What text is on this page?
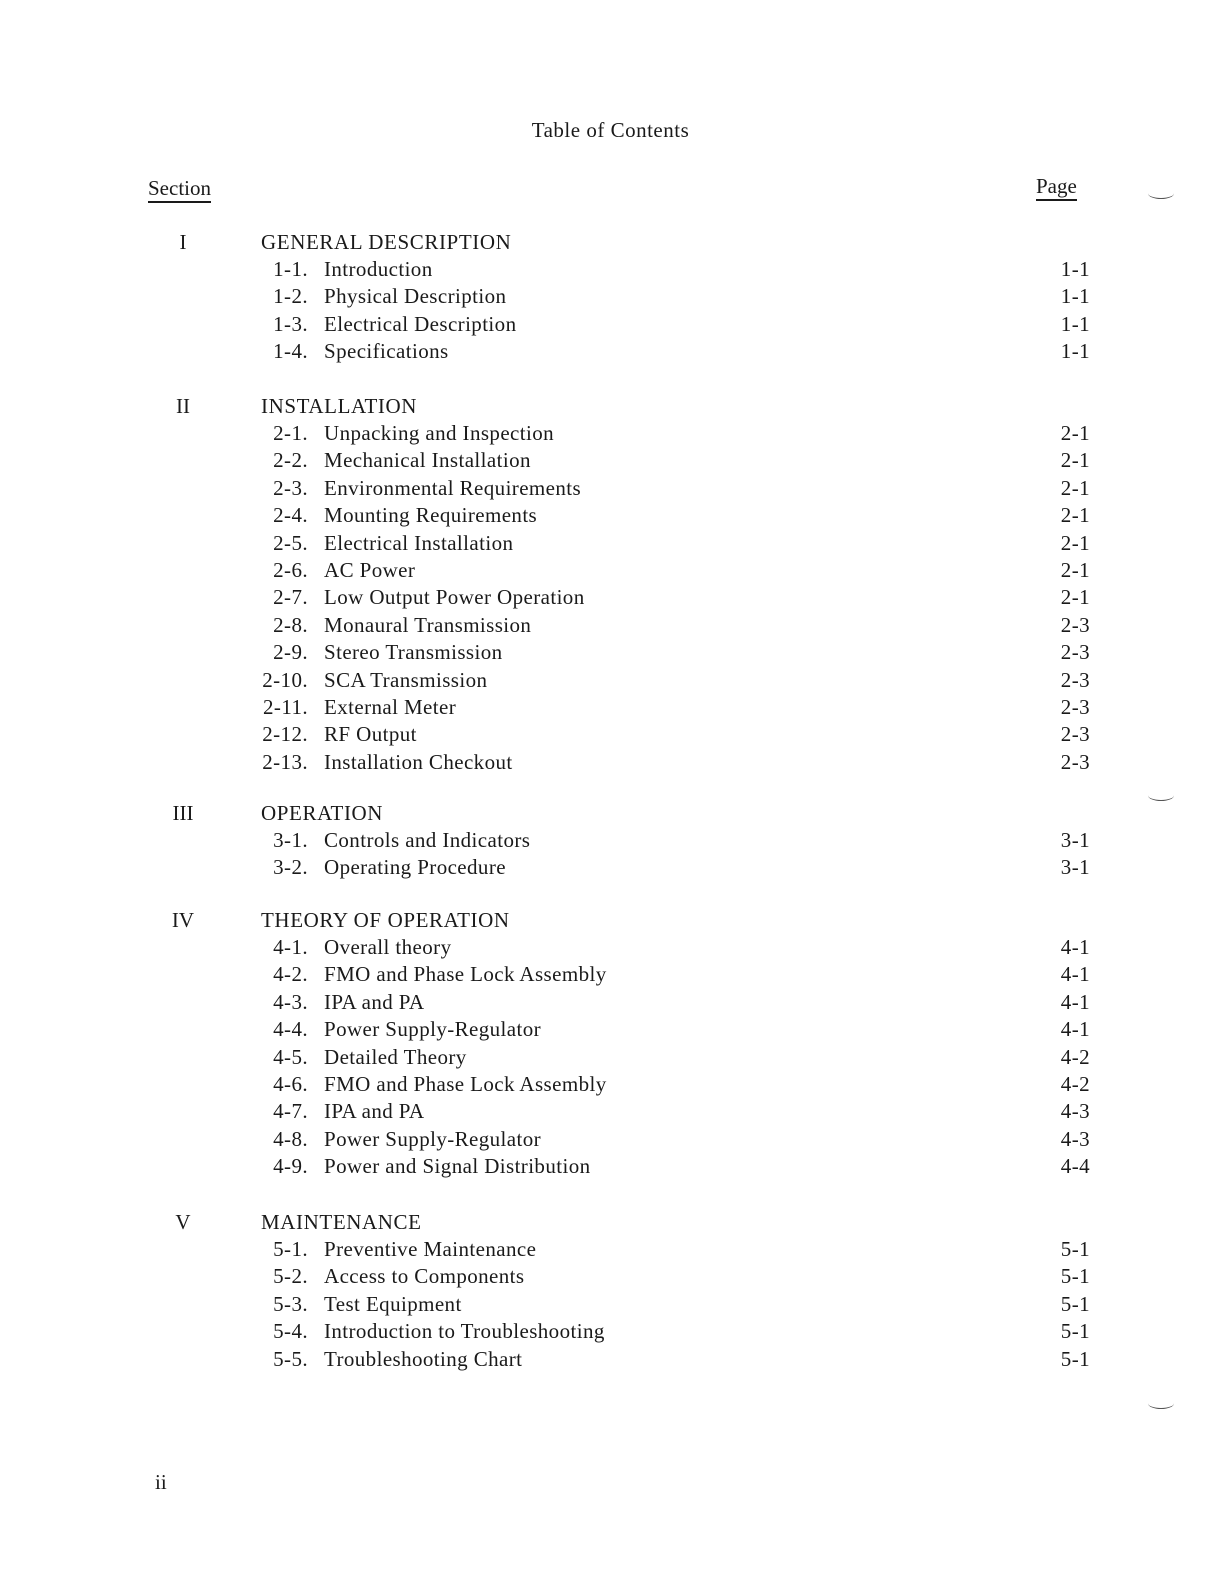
Table of Contents
Section	Page
I	GENERAL DESCRIPTION
1-1. Introduction	1-1
1-2. Physical Description	1-1
1-3. Electrical Description	1-1
1-4. Specifications	1-1
II	INSTALLATION
2-1. Unpacking and Inspection	2-1
2-2. Mechanical Installation	2-1
2-3. Environmental Requirements	2-1
2-4. Mounting Requirements	2-1
2-5. Electrical Installation	2-1
2-6. AC Power	2-1
2-7. Low Output Power Operation	2-1
2-8. Monaural Transmission	2-3
2-9. Stereo Transmission	2-3
2-10. SCA Transmission	2-3
2-11. External Meter	2-3
2-12. RF Output	2-3
2-13. Installation Checkout	2-3
III	OPERATION
3-1. Controls and Indicators	3-1
3-2. Operating Procedure	3-1
IV	THEORY OF OPERATION
4-1. Overall theory	4-1
4-2. FMO and Phase Lock Assembly	4-1
4-3. IPA and PA	4-1
4-4. Power Supply-Regulator	4-1
4-5. Detailed Theory	4-2
4-6. FMO and Phase Lock Assembly	4-2
4-7. IPA and PA	4-3
4-8. Power Supply-Regulator	4-3
4-9. Power and Signal Distribution	4-4
V	MAINTENANCE
5-1. Preventive Maintenance	5-1
5-2. Access to Components	5-1
5-3. Test Equipment	5-1
5-4. Introduction to Troubleshooting	5-1
5-5. Troubleshooting Chart	5-1
ii
